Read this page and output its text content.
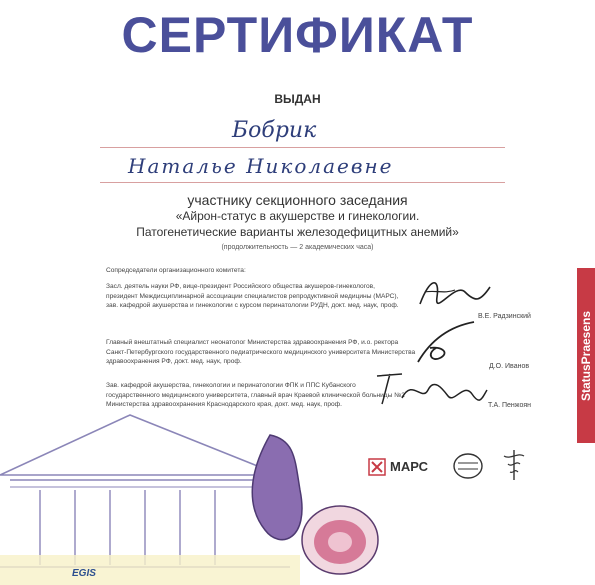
СЕРТИФИКАТ
ВЫДАН
Бобрик
Наталье Николаевне
участнику секционного заседания
«Айрон-статус в акушерстве и гинекологии.
Патогенетические варианты железодефицитных анемий»
(продолжительность — 2 академических часа)
Сопредседатели организационного комитета:
Засл. деятель науки РФ, вице-президент Российского общества акушеров-гинекологов, президент Междисциплинарной ассоциации специалистов репродуктивной медицины (МАРС), зав. кафедрой акушерства и гинекологии с курсом перинатологии РУДН, докт. мед. наук, проф.
В.Е. Радзинский
Главный внештатный специалист неонатолог Министерства здравоохранения РФ, и.о. ректора Санкт-Петербургского государственного педиатрического медицинского университета Министерства здравоохранения РФ, докт. мед. наук, проф.
Д.О. Иванов
Зав. кафедрой акушерства, гинекологии и перинатологии ФПК и ППС Кубанского государственного медицинского университета, главный врач Краевой клинической больницы №2 Министерства здравоохранения Краснодарского края, докт. мед. наук, проф.	Т.А. Пенжоян
StatusPraesens
МАРС
EGIS
